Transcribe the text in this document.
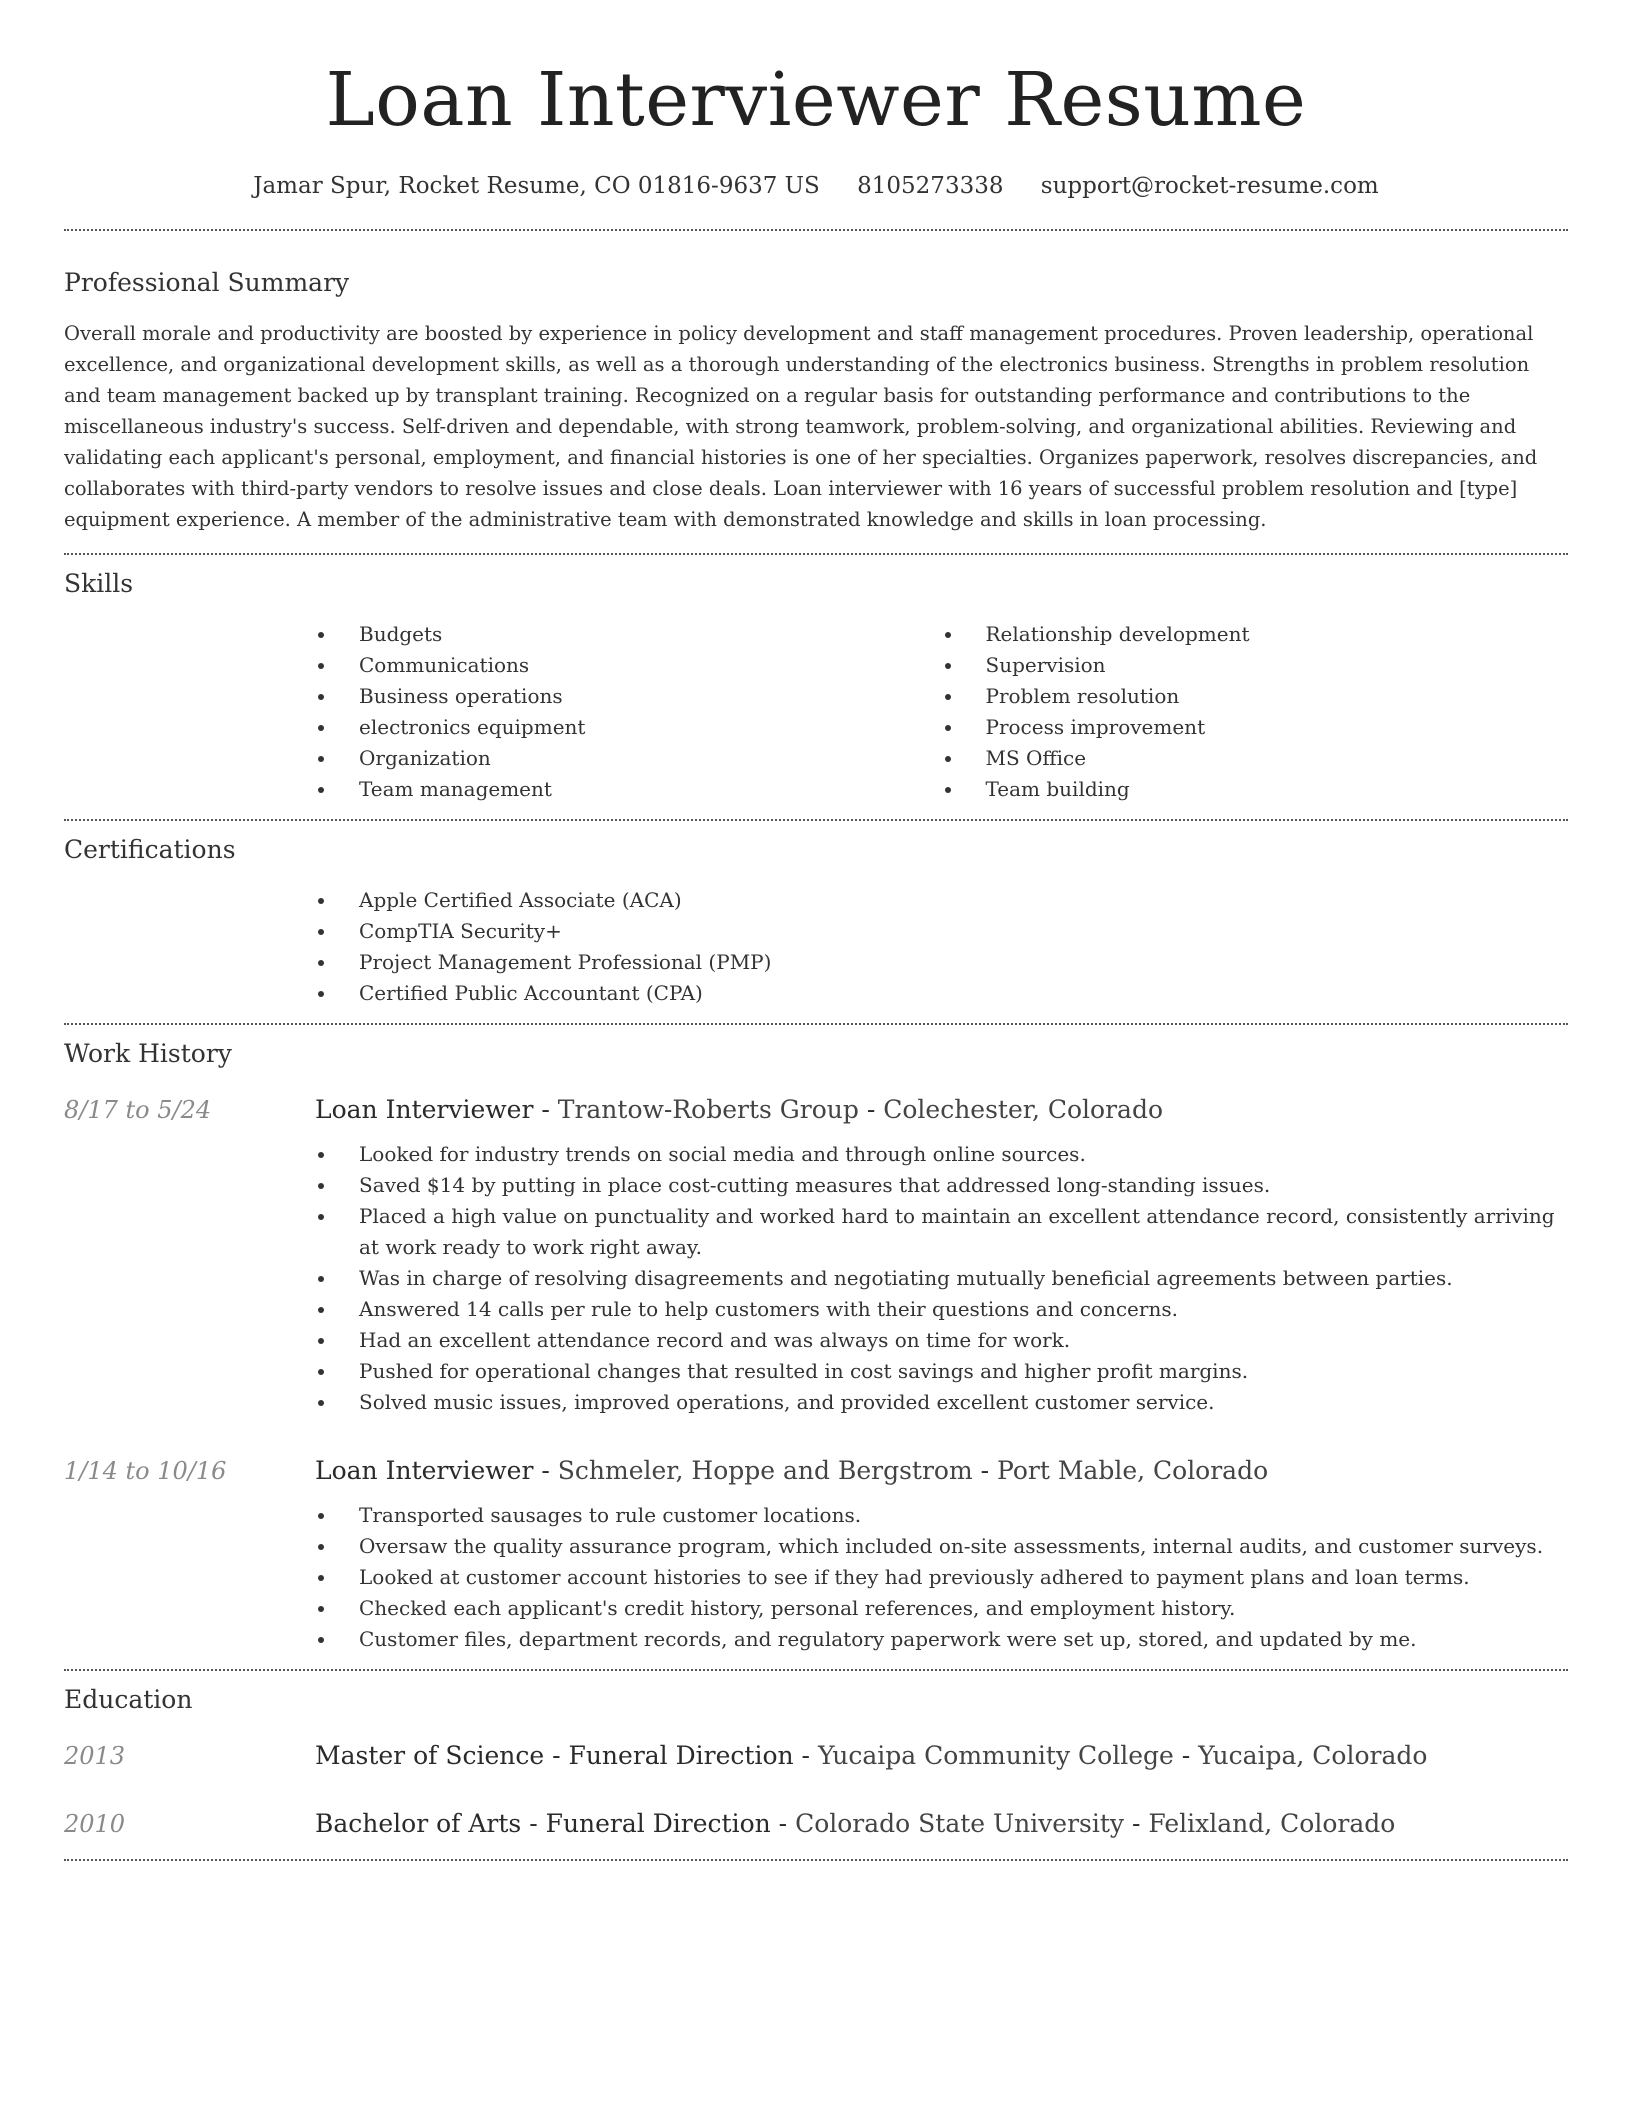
Loan Interviewer Resume
Jamar Spur, Rocket Resume, CO 01816-9637 US 8105273338 support@rocket-resume.com
Professional Summary

Overall morale and productivity are boosted by experience in policy development and staff management procedures. Proven leadership, operational excellence, and organizational development skills, as well as a thorough understanding of the electronics business. Strengths in problem resolution and team management backed up by transplant training. Recognized on a regular basis for outstanding performance and contributions to the miscellaneous industry's success. Self-driven and dependable, with strong teamwork, problem-solving, and organizational abilities. Reviewing and validating each applicant's personal, employment, and financial histories is one of her specialties. Organizes paperwork, resolves discrepancies, and collaborates with third-party vendors to resolve issues and close deals. Loan interviewer with 16 years of successful problem resolution and [type] equipment experience. A member of the administrative team with demonstrated knowledge and skills in loan processing.

Skills
• Budgets
• Communications
• Business operations
• electronics equipment
• Organization
• Team management
• Relationship development
• Supervision
• Problem resolution
• Process improvement
• MS Office
• Team building
Certifications
• Apple Certified Associate (ACA)
• CompTIA Security+
• Project Management Professional (PMP)
• Certified Public Accountant (CPA)
Work History
8/17 to 5/24	Loan Interviewer - Trantow-Roberts Group - Colechester, Colorado
• Looked for industry trends on social media and through online sources.
• Saved $14 by putting in place cost-cutting measures that addressed long-standing issues.
• Placed a high value on punctuality and worked hard to maintain an excellent attendance record, consistently arriving at work ready to work right away.
• Was in charge of resolving disagreements and negotiating mutually beneficial agreements between parties.
• Answered 14 calls per rule to help customers with their questions and concerns.
• Had an excellent attendance record and was always on time for work.
• Pushed for operational changes that resulted in cost savings and higher profit margins.
• Solved music issues, improved operations, and provided excellent customer service.
1/14 to 10/16	Loan Interviewer - Schmeler, Hoppe and Bergstrom - Port Mable, Colorado
• Transported sausages to rule customer locations.
• Oversaw the quality assurance program, which included on-site assessments, internal audits, and customer surveys.
• Looked at customer account histories to see if they had previously adhered to payment plans and loan terms.
• Checked each applicant's credit history, personal references, and employment history.
• Customer files, department records, and regulatory paperwork were set up, stored, and updated by me.
Education
2013	Master of Science - Funeral Direction - Yucaipa Community College - Yucaipa, Colorado
2010	Bachelor of Arts - Funeral Direction - Colorado State University - Felixland, Colorado
